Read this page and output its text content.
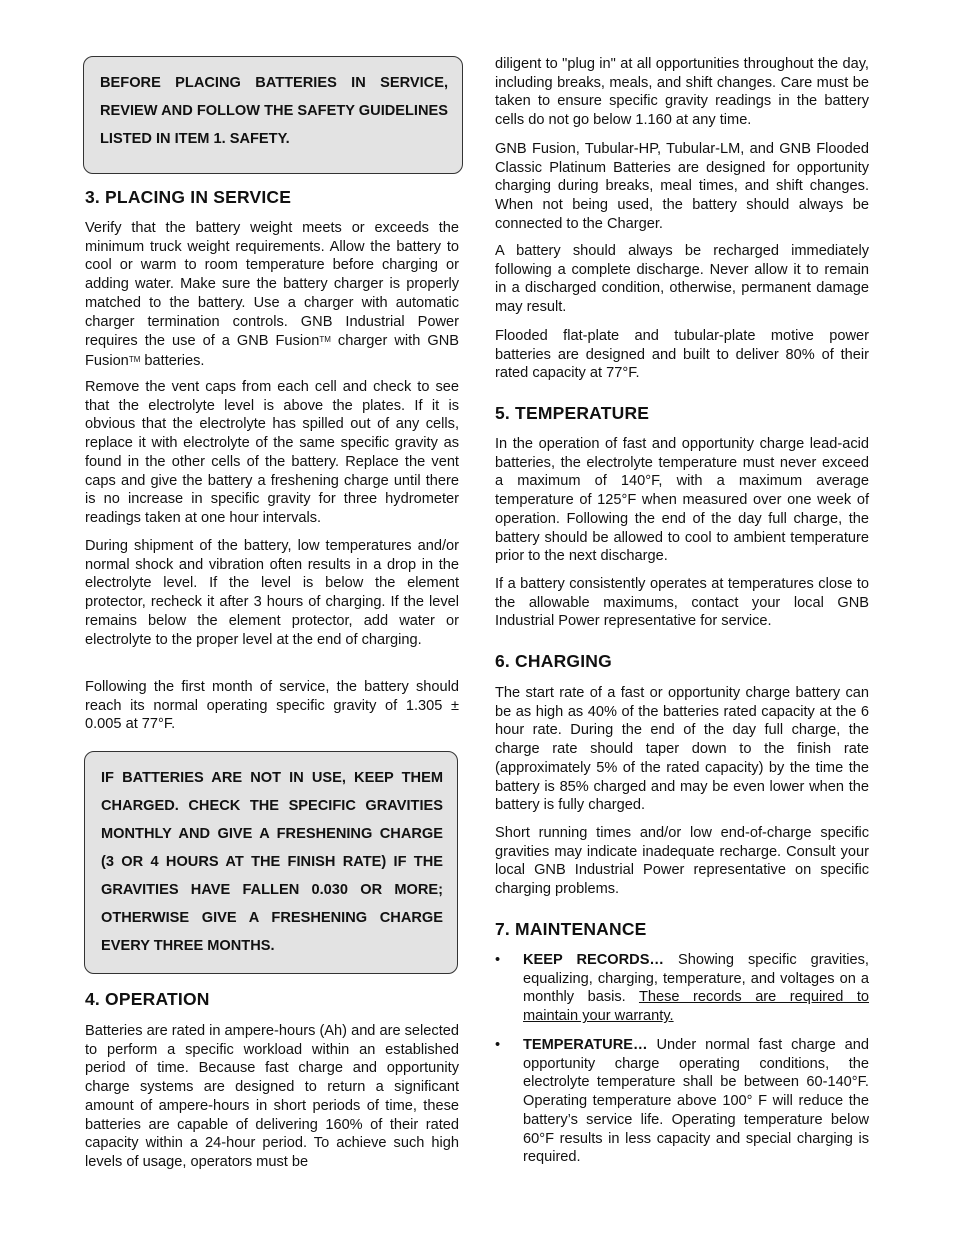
BEFORE PLACING BATTERIES IN SERVICE, REVIEW AND FOLLOW THE SAFETY GUIDELINES LISTED IN ITEM 1. SAFETY.

3. PLACING IN SERVICE

Verify that the battery weight meets or exceeds the minimum truck weight requirements. Allow the battery to cool or warm to room temperature before charging or adding water. Make sure the battery charger is properly matched to the battery. Use a charger with automatic charger termination controls. GNB Industrial Power requires the use of a GNB Fusion™ charger with GNB Fusion™ batteries.

Remove the vent caps from each cell and check to see that the electrolyte level is above the plates. If it is obvious that the electrolyte has spilled out of any cells, replace it with electrolyte of the same specific gravity as found in the other cells of the battery. Replace the vent caps and give the battery a freshening charge until there is no increase in specific gravity for three hydrometer readings taken at one hour intervals.

During shipment of the battery, low temperatures and/or normal shock and vibration often results in a drop in the electrolyte level. If the level is below the element protector, recheck it after 3 hours of charging. If the level remains below the element protector, add water or electrolyte to the proper level at the end of charging.

Following the first month of service, the battery should reach its normal operating specific gravity of 1.305 ± 0.005 at 77°F.

IF BATTERIES ARE NOT IN USE, KEEP THEM CHARGED. CHECK THE SPECIFIC GRAVITIES MONTHLY AND GIVE A FRESHENING CHARGE (3 OR 4 HOURS AT THE FINISH RATE) IF THE GRAVITIES HAVE FALLEN 0.030 OR MORE; OTHERWISE GIVE A FRESHENING CHARGE EVERY THREE MONTHS.

4. OPERATION

Batteries are rated in ampere-hours (Ah) and are selected to perform a specific workload within an established period of time. Because fast charge and opportunity charge systems are designed to return a significant amount of ampere-hours in short periods of time, these batteries are capable of delivering 160% of their rated capacity within a 24-hour period. To achieve such high levels of usage, operators must be

diligent to "plug in" at all opportunities throughout the day, including breaks, meals, and shift changes. Care must be taken to ensure specific gravity readings in the battery cells do not go below 1.160 at any time.

GNB Fusion, Tubular-HP, Tubular-LM, and GNB Flooded Classic Platinum Batteries are designed for opportunity charging during breaks, meal times, and shift changes. When not being used, the battery should always be connected to the Charger.

A battery should always be recharged immediately following a complete discharge. Never allow it to remain in a discharged condition, otherwise, permanent damage may result.

Flooded flat-plate and tubular-plate motive power batteries are designed and built to deliver 80% of their rated capacity at 77°F.

5. TEMPERATURE

In the operation of fast and opportunity charge lead-acid batteries, the electrolyte temperature must never exceed a maximum of 140°F, with a maximum average temperature of 125°F when measured over one week of operation. Following the end of the day full charge, the battery should be allowed to cool to ambient temperature prior to the next discharge.

If a battery consistently operates at temperatures close to the allowable maximums, contact your local GNB Industrial Power representative for service.

6. CHARGING

The start rate of a fast or opportunity charge battery can be as high as 40% of the batteries rated capacity at the 6 hour rate. During the end of the day full charge, the charge rate should taper down to the finish rate (approximately 5% of the rated capacity) by the time the battery is 85% charged and may be even lower when the battery is fully charged.

Short running times and/or low end-of-charge specific gravities may indicate inadequate recharge. Consult your local GNB Industrial Power representative on specific charging problems.

7. MAINTENANCE
• KEEP RECORDS… Showing specific gravities, equalizing, charging, temperature, and voltages on a monthly basis. These records are required to maintain your warranty.

• TEMPERATURE… Under normal fast charge and opportunity charge operating conditions, the electrolyte temperature shall be between 60-140°F. Operating temperature above 100° F will reduce the battery’s service life. Operating temperature below 60°F results in less capacity and special charging is required.
